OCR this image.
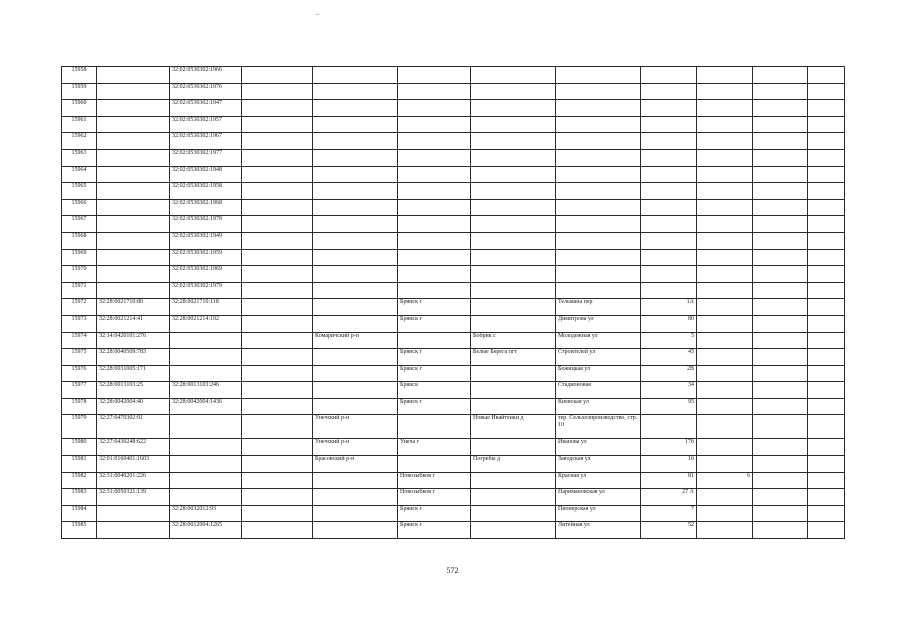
15958		32:02:0530302:1966									
15959		32:02:0530302:1976									
15960		32:02:0530302:1947									
15961		32:02:0530302:1957									
15962		32:02:0530302:1967									
15963		32:02:0530302:1977									
15964		32:02:0530302:1948									
15965		32:02:0530302:1958									
15966		32:02:0530302:1968									
15967		32:02:0530302:1978									
15968		32:02:0530302:1949									
15969		32:02:0530302:1959									
15970		32:02:0530302:1969									
15971		32:02:0530302:1979									
15972	32:28:0021710:80	32:28:0021710:118			Брянск г		Тельмана пер	1А			
15973	32:28:0021214:41	32:28:0021214:102			Брянск г		Димитрова ул	80			
15974	32:14:0420101:276			Комаричский р-н		Бобрик с	Молодежная ул	5			
15975	32:28:0040509:783				Брянск г	Белые Берега пгт	Строителей ул	45			
15976	32:28:0031005:171				Брянск г		Бежицкая ул	2В			
15977	32:28:0013103:25	32:28:0013103:246			Брянск		Стадионовая	34			
15978	32:28:0042004:40	32:28:0042004:1436			Брянск г		Киевская ул	95			
15979	32:27:0470302:91			Унечский р-н		Новые Ивайтенки д	тер. Сельхозпроизводство, стр. 10				
15980	32:27:0430248:622			Унечский р-н	Унеча г		Иванова ул	17б			
15981	32:01:0160401:1603			Брасовский р-н		Погребы д	Заводская ул	1б			
15982	32:31:0040201:226				Новозыбков г		Красная ул	81	6		
15983	32:31:0050321:139				Новозыбков г		Наримановская ул	27 А			
15984		32:28:0032012:93			Брянск г		Пионерская ул	7			
15985		32:28:0012004:1265			Брянск г		Литейная ул	52			
572
